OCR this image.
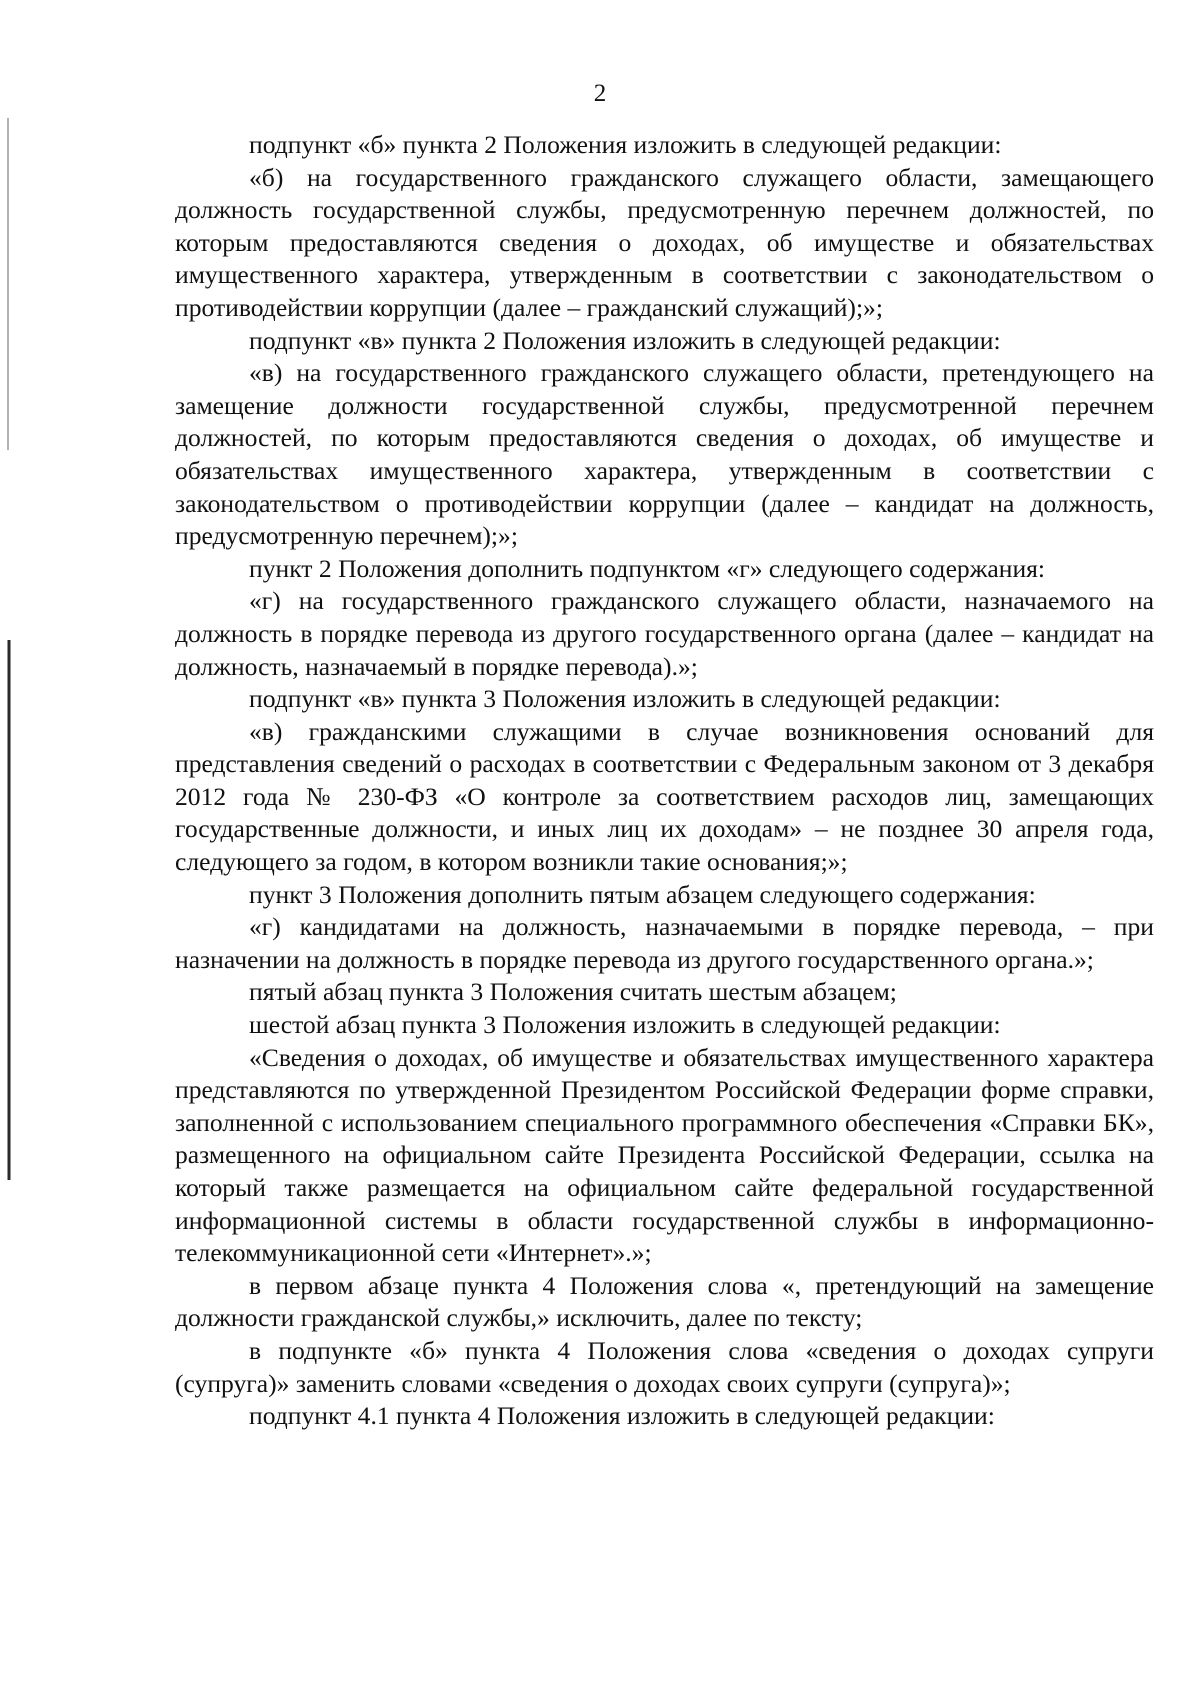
2

подпункт «б» пункта 2 Положения изложить в следующей редакции:

«б) на государственного гражданского служащего области, замещающего должность государственной службы, предусмотренную перечнем должностей, по которым предоставляются сведения о доходах, об имуществе и обязательствах имущественного характера, утвержденным в соответствии с законодательством о противодействии коррупции (далее – гражданский служащий);»;

подпункт «в» пункта 2 Положения изложить в следующей редакции:

«в) на государственного гражданского служащего области, претендующего на замещение должности государственной службы, предусмотренной перечнем должностей, по которым предоставляются сведения о доходах, об имуществе и обязательствах имущественного характера, утвержденным в соответствии с законодательством о противодействии коррупции (далее – кандидат на должность, предусмотренную перечнем);»;

пункт 2 Положения дополнить подпунктом «г» следующего содержания:

«г) на государственного гражданского служащего области, назначаемого на должность в порядке перевода из другого государственного органа (далее – кандидат на должность, назначаемый в порядке перевода).»;

подпункт «в» пункта 3 Положения изложить в следующей редакции:

«в) гражданскими служащими в случае возникновения оснований для представления сведений о расходах в соответствии с Федеральным законом от 3 декабря 2012 года № 230-ФЗ «О контроле за соответствием расходов лиц, замещающих государственные должности, и иных лиц их доходам» – не позднее 30 апреля года, следующего за годом, в котором возникли такие основания;»;

пункт 3 Положения дополнить пятым абзацем следующего содержания:

«г) кандидатами на должность, назначаемыми в порядке перевода, – при назначении на должность в порядке перевода из другого государственного органа.»;

пятый абзац пункта 3 Положения считать шестым абзацем;

шестой абзац пункта 3 Положения изложить в следующей редакции:

«Сведения о доходах, об имуществе и обязательствах имущественного характера представляются по утвержденной Президентом Российской Федерации форме справки, заполненной с использованием специального программного обеспечения «Справки БК», размещенного на официальном сайте Президента Российской Федерации, ссылка на который также размещается на официальном сайте федеральной государственной информационной системы в области государственной службы в информационно-телекоммуникационной сети «Интернет».»;

в первом абзаце пункта 4 Положения слова «, претендующий на замещение должности гражданской службы,» исключить, далее по тексту;

в подпункте «б» пункта 4 Положения слова «сведения о доходах супруги (супруга)» заменить словами «сведения о доходах своих супруги (супруга)»;

подпункт 4.1 пункта 4 Положения изложить в следующей редакции:
